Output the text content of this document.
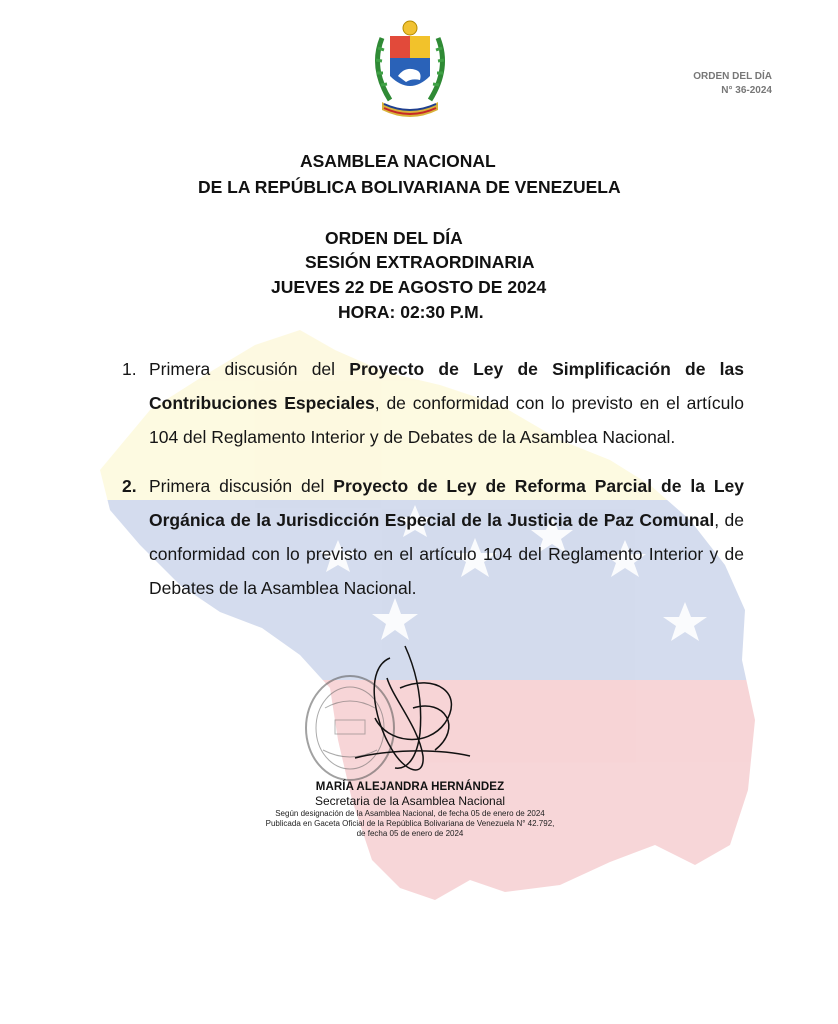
ORDEN DEL DÍA
N° 36-2024
ASAMBLEA NACIONAL
DE LA REPÚBLICA BOLIVARIANA DE VENEZUELA
ORDEN DEL DÍA
SESIÓN EXTRAORDINARIA
JUEVES 22 DE AGOSTO DE 2024
HORA: 02:30 P.M.
1. Primera discusión del Proyecto de Ley de Simplificación de las Contribuciones Especiales, de conformidad con lo previsto en el artículo 104 del Reglamento Interior y de Debates de la Asamblea Nacional.
2. Primera discusión del Proyecto de Ley de Reforma Parcial de la Ley Orgánica de la Jurisdicción Especial de la Justicia de Paz Comunal, de conformidad con lo previsto en el artículo 104 del Reglamento Interior y de Debates de la Asamblea Nacional.
MARÍA ALEJANDRA HERNÁNDEZ
Secretaria de la Asamblea Nacional
Según designación de la Asamblea Nacional, de fecha 05 de enero de 2024
Publicada en Gaceta Oficial de la República Bolivariana de Venezuela N° 42.792,
de fecha 05 de enero de 2024
